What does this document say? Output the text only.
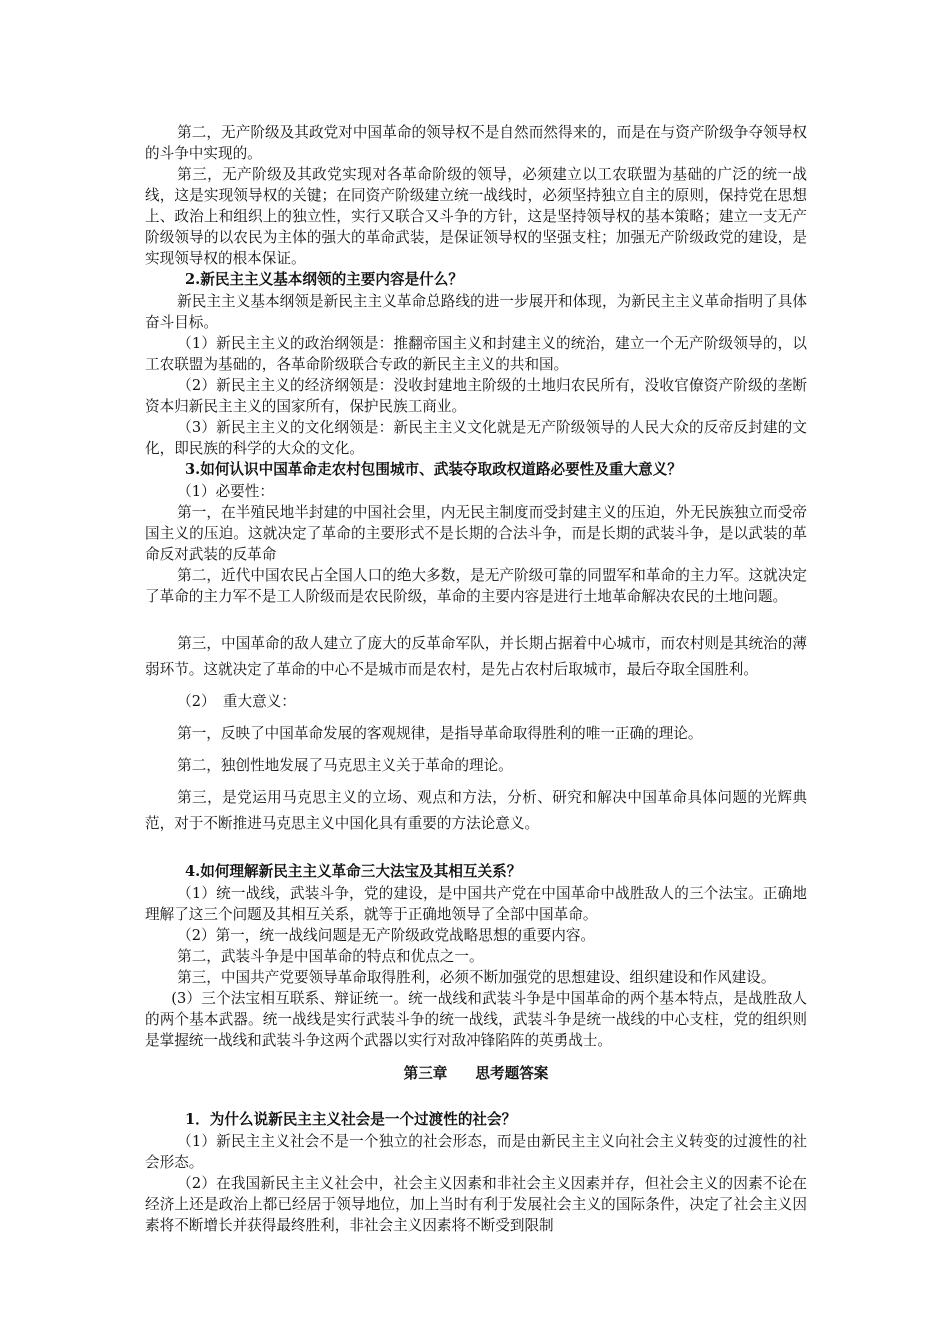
第二，无产阶级及其政党对中国革命的领导权不是自然而然得来的，而是在与资产阶级争夺领导权的斗争中实现的。

第三，无产阶级及其政党实现对各革命阶级的领导，必须建立以工农联盟为基础的广泛的统一战线，这是实现领导权的关键；在同资产阶级建立统一战线时，必须坚持独立自主的原则，保持党在思想上、政治上和组织上的独立性，实行又联合又斗争的方针，这是坚持领导权的基本策略；建立一支无产阶级领导的以农民为主体的强大的革命武装，是保证领导权的坚强支柱；加强无产阶级政党的建设，是实现领导权的根本保证。

2.新民主主义基本纲领的主要内容是什么？

新民主主义基本纲领是新民主主义革命总路线的进一步展开和体现，为新民主主义革命指明了具体奋斗目标。

（1）新民主主义的政治纲领是：推翻帝国主义和封建主义的统治，建立一个无产阶级领导的，以工农联盟为基础的，各革命阶级联合专政的新民主主义的共和国。

（2）新民主主义的经济纲领是：没收封建地主阶级的土地归农民所有，没收官僚资产阶级的垄断资本归新民主主义的国家所有，保护民族工商业。

（3）新民主主义的文化纲领是：新民主主义文化就是无产阶级领导的人民大众的反帝反封建的文化，即民族的科学的大众的文化。

3.如何认识中国革命走农村包围城市、武装夺取政权道路必要性及重大意义？

（1）必要性：

第一，在半殖民地半封建的中国社会里，内无民主制度而受封建主义的压迫，外无民族独立而受帝国主义的压迫。这就决定了革命的主要形式不是长期的合法斗争，而是长期的武装斗争，是以武装的革命反对武装的反革命

第二，近代中国农民占全国人口的绝大多数，是无产阶级可靠的同盟军和革命的主力军。这就决定了革命的主力军不是工人阶级而是农民阶级，革命的主要内容是进行土地革命解决农民的土地问题。

第三，中国革命的敌人建立了庞大的反革命军队，并长期占据着中心城市，而农村则是其统治的薄弱环节。这就决定了革命的中心不是城市而是农村，是先占农村后取城市，最后夺取全国胜利。

（2）　重大意义：

第一，反映了中国革命发展的客观规律，是指导革命取得胜利的唯一正确的理论。

第二，独创性地发展了马克思主义关于革命的理论。

第三，是党运用马克思主义的立场、观点和方法，分析、研究和解决中国革命具体问题的光辉典范，对于不断推进马克思主义中国化具有重要的方法论意义。

4.如何理解新民主主义革命三大法宝及其相互关系？

（1）统一战线，武装斗争，党的建设，是中国共产党在中国革命中战胜敌人的三个法宝。正确地理解了这三个问题及其相互关系，就等于正确地领导了全部中国革命。

（2）第一，统一战线问题是无产阶级政党战略思想的重要内容。

第二，武装斗争是中国革命的特点和优点之一。

第三，中国共产党要领导革命取得胜利，必须不断加强党的思想建设、组织建设和作风建设。

(3）三个法宝相互联系、辩证统一。统一战线和武装斗争是中国革命的两个基本特点，是战胜敌人的两个基本武器。统一战线是实行武装斗争的统一战线，武装斗争是统一战线的中心支柱，党的组织则是掌握统一战线和武装斗争这两个武器以实行对敌冲锋陷阵的英勇战士。

第三章 思考题答案

1．为什么说新民主主义社会是一个过渡性的社会？

（1）新民主主义社会不是一个独立的社会形态，而是由新民主主义向社会主义转变的过渡性的社会形态。

（2）在我国新民主主义社会中，社会主义因素和非社会主义因素并存，但社会主义的因素不论在经济上还是政治上都已经居于领导地位，加上当时有利于发展社会主义的国际条件，决定了社会主义因素将不断增长并获得最终胜利，非社会主义因素将不断受到限制
